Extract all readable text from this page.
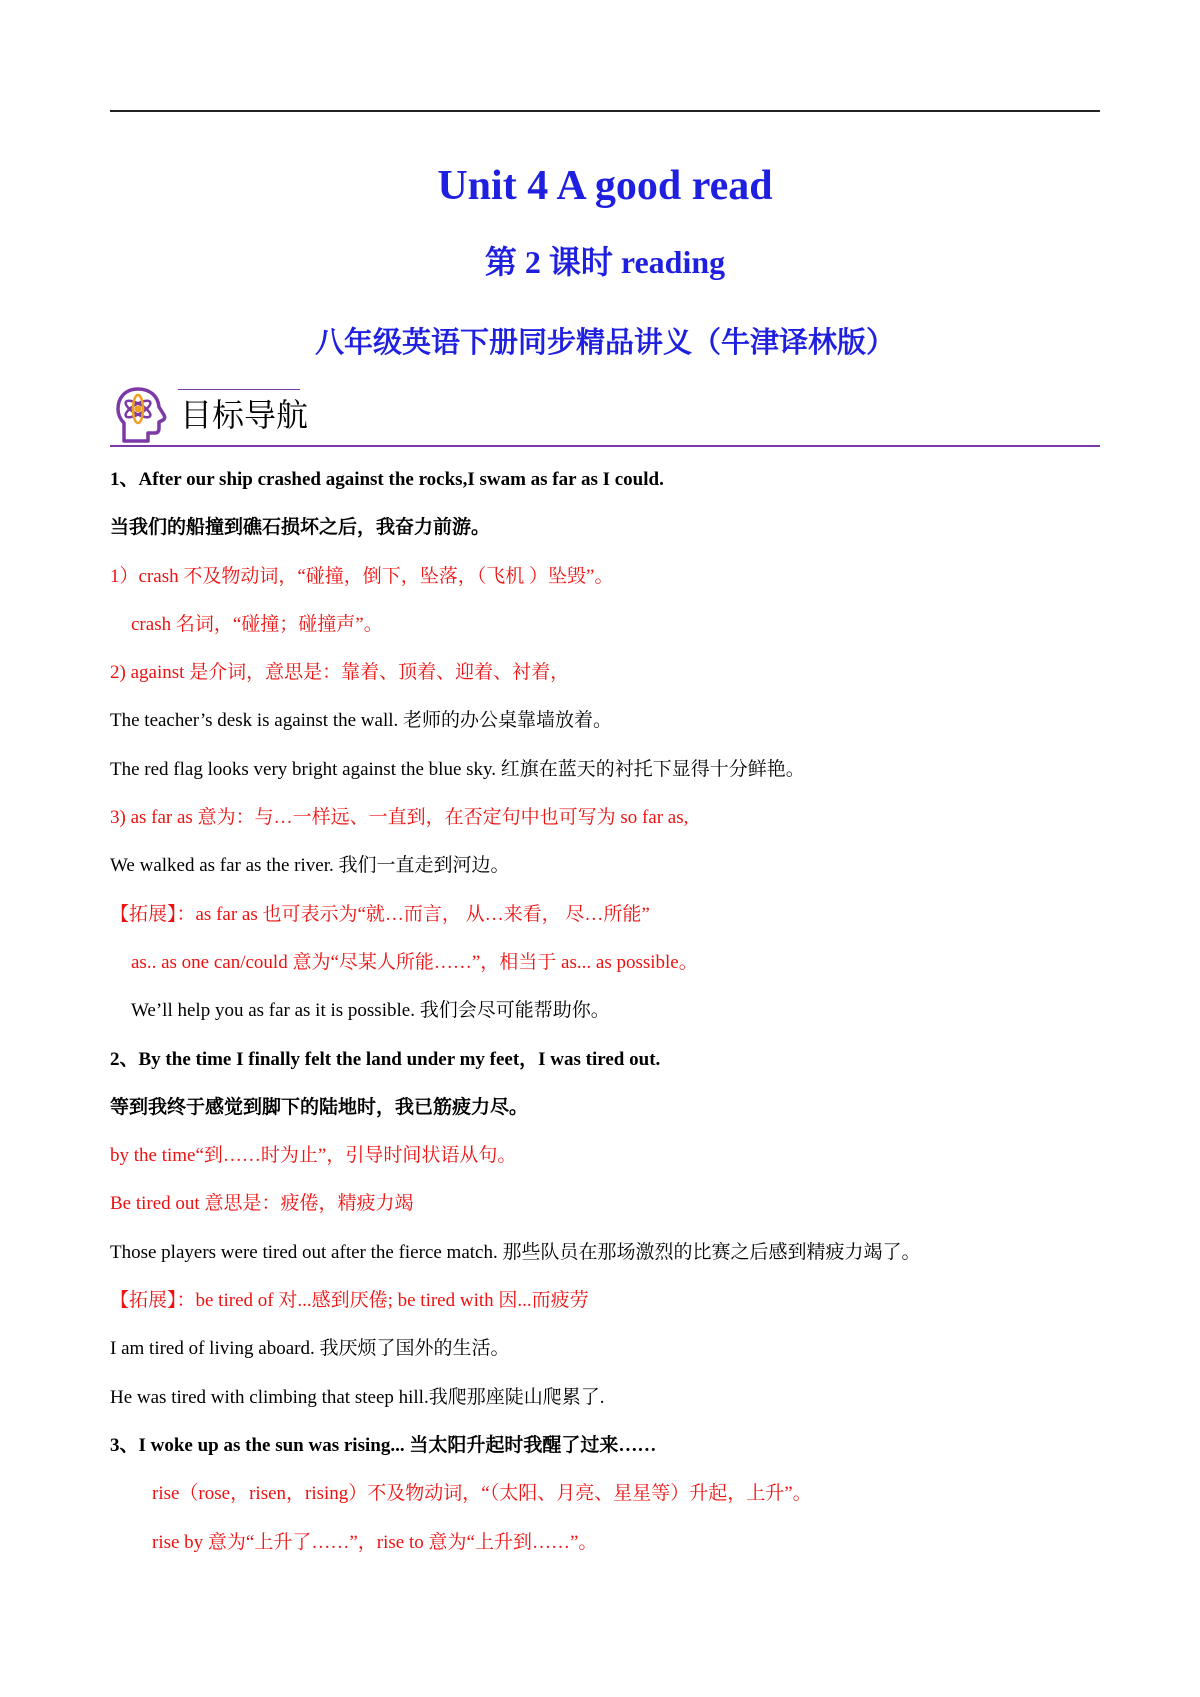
Unit 4 A good read
第 2 课时 reading
八年级英语下册同步精品讲义（牛津译林版）
目标导航
1、After our ship crashed against the rocks,I swam as far as I could.
当我们的船撞到礁石损坏之后，我奋力前游。
1）crash 不及物动词，“碰撞，倒下，坠落，（飞机 ）坠毁”。
crash 名词，“碰撞；碰撞声”。
2) against 是介词，意思是：靠着、顶着、迎着、衬着，
The teacher’s desk is against the wall. 老师的办公桌靠墙放着。
The red flag looks very bright against the blue sky. 红旗在蓝天的衬托下显得十分鲜艳。
3) as far as 意为：与…一样远、一直到，在否定句中也可写为 so far as,
We walked as far as the river. 我们一直走到河边。
【拓展】：as far as 也可表示为“就…而言， 从…来看， 尽…所能”
as.. as one can/could 意为“尽某人所能……”，相当于 as... as possible。
We’ll help you as far as it is possible. 我们会尽可能帮助你。
2、By the time I finally felt the land under my feet，I was tired out.
等到我终于感觉到脚下的陆地时，我已筋疲力尽。
by the time“到……时为止”，引导时间状语从句。
Be tired out 意思是：疲倦，精疲力竭
Those players were tired out after the fierce match. 那些队员在那场激烈的比赛之后感到精疲力竭了。
【拓展】：be tired of 对...感到厌倦; be tired with 因...而疲劳
I am tired of living aboard. 我厌烦了国外的生活。
He was tired with climbing that steep hill.我爬那座陡山爬累了.
3、I woke up as the sun was rising... 当太阳升起时我醒了过来……
rise（rose，risen，rising）不及物动词，“（太阳、月亮、星星等）升起，上升”。
rise by 意为“上升了……”，rise to 意为“上升到……”。
